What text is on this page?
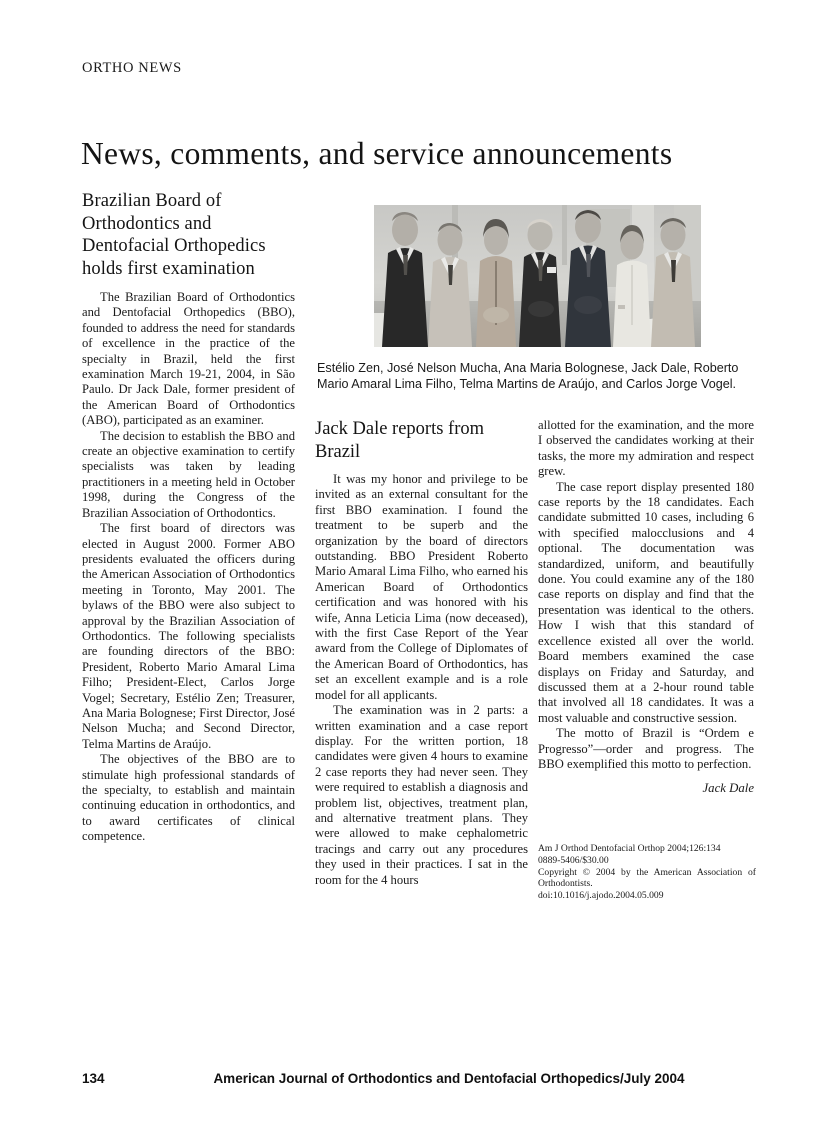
ORTHO NEWS
News, comments, and service announcements
Brazilian Board of Orthodontics and Dentofacial Orthopedics holds first examination

The Brazilian Board of Orthodontics and Dentofacial Orthopedics (BBO), founded to address the need for standards of excellence in the practice of the specialty in Brazil, held the first examination March 19-21, 2004, in São Paulo. Dr Jack Dale, former president of the American Board of Orthodontics (ABO), participated as an examiner.

The decision to establish the BBO and create an objective examination to certify specialists was taken by leading practitioners in a meeting held in October 1998, during the Congress of the Brazilian Association of Orthodontics.

The first board of directors was elected in August 2000. Former ABO presidents evaluated the officers during the American Association of Orthodontics meeting in Toronto, May 2001. The bylaws of the BBO were also subject to approval by the Brazilian Association of Orthodontics. The following specialists are founding directors of the BBO: President, Roberto Mario Amaral Lima Filho; President-Elect, Carlos Jorge Vogel; Secretary, Estélio Zen; Treasurer, Ana Maria Bolognese; First Director, José Nelson Mucha; and Second Director, Telma Martins de Araújo.

The objectives of the BBO are to stimulate high professional standards of the specialty, to establish and maintain continuing education in orthodontics, and to award certificates of clinical competence.

Estélio Zen, José Nelson Mucha, Ana Maria Bolognese, Jack Dale, Roberto Mario Amaral Lima Filho, Telma Martins de Araújo, and Carlos Jorge Vogel.
Jack Dale reports from Brazil

It was my honor and privilege to be invited as an external consultant for the first BBO examination. I found the treatment to be superb and the organization by the board of directors outstanding. BBO President Roberto Mario Amaral Lima Filho, who earned his American Board of Orthodontics certification and was honored with his wife, Anna Leticia Lima (now deceased), with the first Case Report of the Year award from the College of Diplomates of the American Board of Orthodontics, has set an excellent example and is a role model for all applicants.

The examination was in 2 parts: a written examination and a case report display. For the written portion, 18 candidates were given 4 hours to examine 2 case reports they had never seen. They were required to establish a diagnosis and problem list, objectives, treatment plan, and alternative treatment plans. They were allowed to make cephalometric tracings and carry out any procedures they used in their practices. I sat in the room for the 4 hours

allotted for the examination, and the more I observed the candidates working at their tasks, the more my admiration and respect grew.

The case report display presented 180 case reports by the 18 candidates. Each candidate submitted 10 cases, including 6 with specified malocclusions and 4 optional. The documentation was standardized, uniform, and beautifully done. You could examine any of the 180 case reports on display and find that the presentation was identical to the others. How I wish that this standard of excellence existed all over the world. Board members examined the case displays on Friday and Saturday, and discussed them at a 2-hour round table that involved all 18 candidates. It was a most valuable and constructive session.

The motto of Brazil is “Ordem e Progresso”—order and progress. The BBO exemplified this motto to perfection.

Jack Dale
Am J Orthod Dentofacial Orthop 2004;126:134
0889-5406/$30.00
Copyright © 2004 by the American Association of Orthodontists.
doi:10.1016/j.ajodo.2004.05.009
134	American Journal of Orthodontics and Dentofacial Orthopedics/July 2004
